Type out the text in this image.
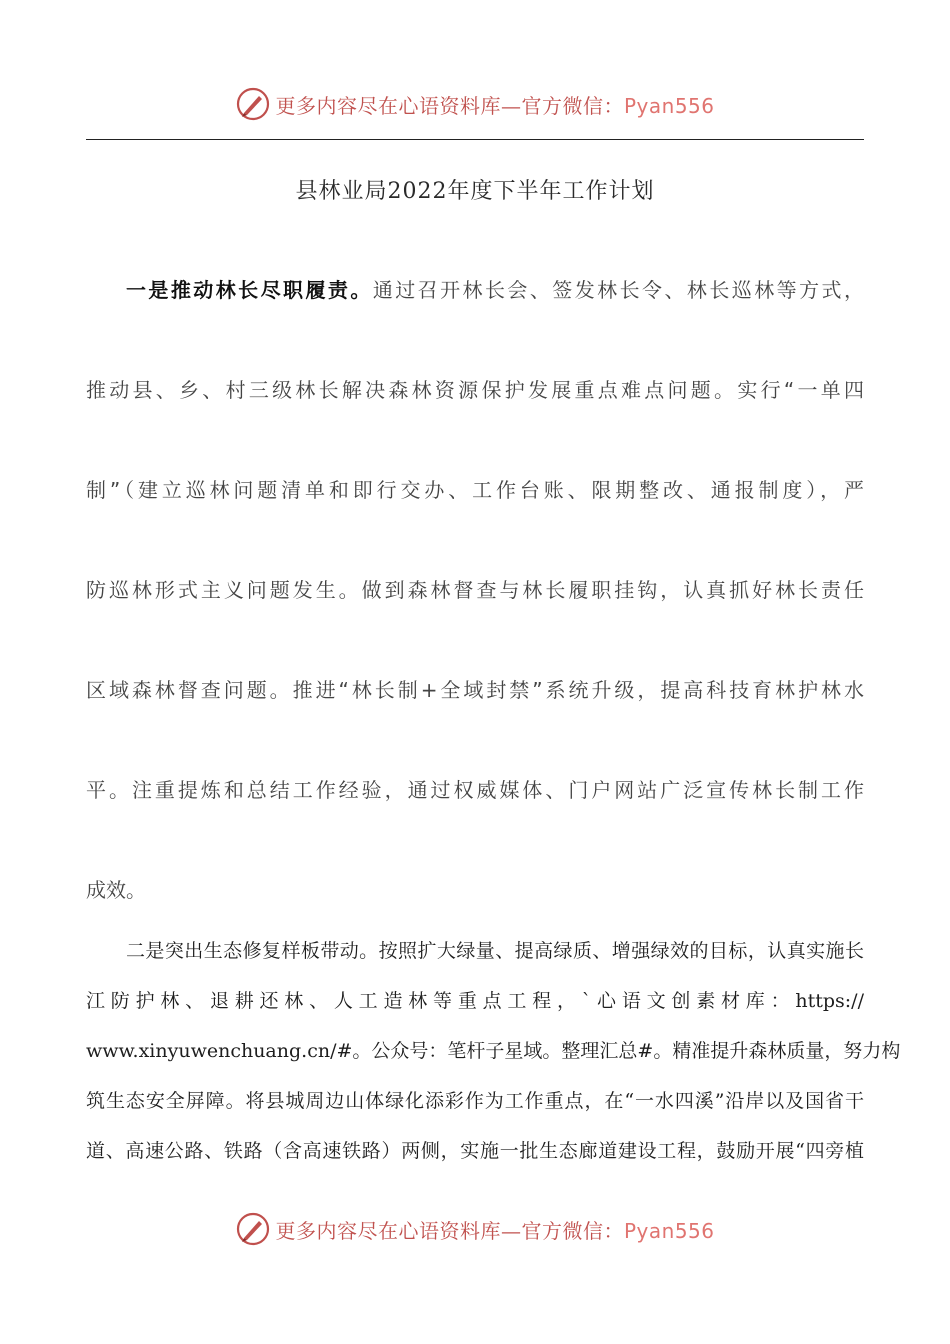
更多内容尽在心语资料库—官方微信：Pyan556
县林业局2022年度下半年工作计划
一是推动林长尽职履责。通过召开林长会、签发林长令、林长巡林等方式，
推动县、乡、村三级林长解决森林资源保护发展重点难点问题。实行“一单四
制”（建立巡林问题清单和即行交办、工作台账、限期整改、通报制度），严
防巡林形式主义问题发生。做到森林督查与林长履职挂钩，认真抓好林长责任
区域森林督查问题。推进“林长制+全域封禁”系统升级，提高科技育林护林水
平。注重提炼和总结工作经验，通过权威媒体、门户网站广泛宣传林长制工作
成效。
二是突出生态修复样板带动。按照扩大绿量、提高绿质、增强绿效的目标，认真实施长
江防护林、退耕还林、人工造林等重点工程，`心语文创素材库：https://
www.xinyuwenchuang.cn/#。公众号：笔杆子星域。整理汇总#。精准提升森林质量，努力构
筑生态安全屏障。将县城周边山体绿化添彩作为工作重点，在“一水四溪”沿岸以及国省干
道、高速公路、铁路（含高速铁路）两侧，实施一批生态廊道建设工程，鼓励开展“四旁植
更多内容尽在心语资料库—官方微信：Pyan556
